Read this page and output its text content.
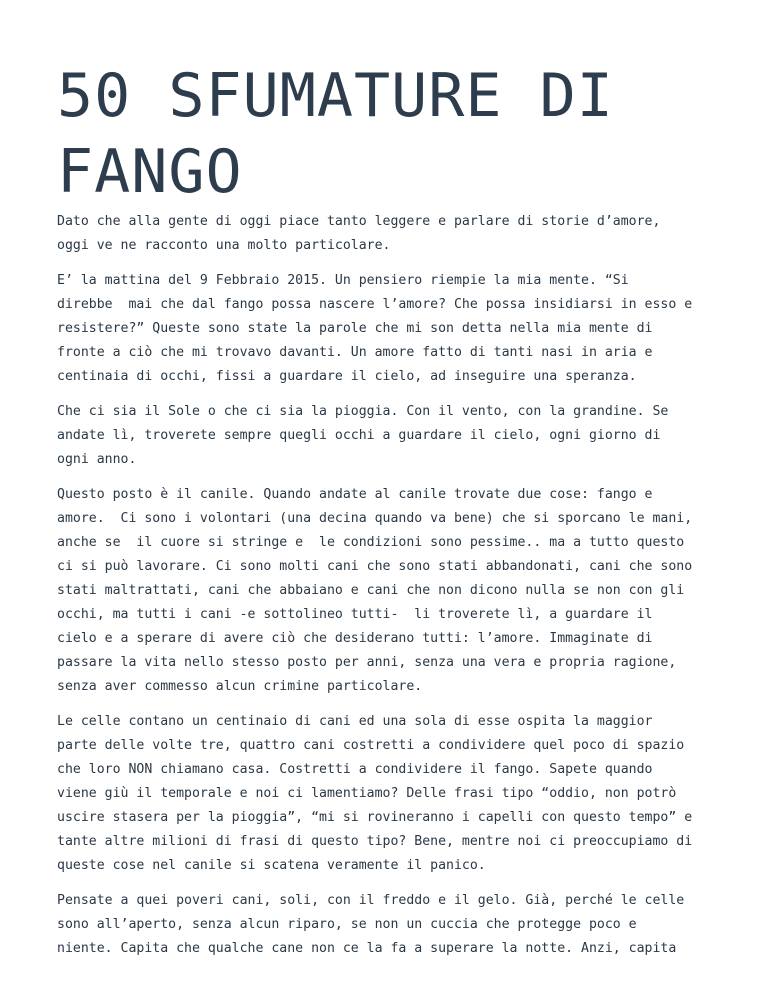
50 SFUMATURE DI
FANGO

Dato che alla gente di oggi piace tanto leggere e parlare di storie d’amore,
oggi ve ne racconto una molto particolare.

E’ la mattina del 9 Febbraio 2015. Un pensiero riempie la mia mente. “Si
direbbe  mai che dal fango possa nascere l’amore? Che possa insidiarsi in esso e
resistere?” Queste sono state la parole che mi son detta nella mia mente di
fronte a ciò che mi trovavo davanti. Un amore fatto di tanti nasi in aria e
centinaia di occhi, fissi a guardare il cielo, ad inseguire una speranza.

Che ci sia il Sole o che ci sia la pioggia. Con il vento, con la grandine. Se
andate lì, troverete sempre quegli occhi a guardare il cielo, ogni giorno di
ogni anno.

Questo posto è il canile. Quando andate al canile trovate due cose: fango e
amore.  Ci sono i volontari (una decina quando va bene) che si sporcano le mani,
anche se  il cuore si stringe e  le condizioni sono pessime.. ma a tutto questo
ci si può lavorare. Ci sono molti cani che sono stati abbandonati, cani che sono
stati maltrattati, cani che abbaiano e cani che non dicono nulla se non con gli
occhi, ma tutti i cani -e sottolineo tutti-  li troverete lì, a guardare il
cielo e a sperare di avere ciò che desiderano tutti: l’amore. Immaginate di
passare la vita nello stesso posto per anni, senza una vera e propria ragione,
senza aver commesso alcun crimine particolare.

Le celle contano un centinaio di cani ed una sola di esse ospita la maggior
parte delle volte tre, quattro cani costretti a condividere quel poco di spazio
che loro NON chiamano casa. Costretti a condividere il fango. Sapete quando
viene giù il temporale e noi ci lamentiamo? Delle frasi tipo “oddio, non potrò
uscire stasera per la pioggia”, “mi si rovineranno i capelli con questo tempo” e
tante altre milioni di frasi di questo tipo? Bene, mentre noi ci preoccupiamo di
queste cose nel canile si scatena veramente il panico.

Pensate a quei poveri cani, soli, con il freddo e il gelo. Già, perché le celle
sono all’aperto, senza alcun riparo, se non un cuccia che protegge poco e
niente. Capita che qualche cane non ce la fa a superare la notte. Anzi, capita
